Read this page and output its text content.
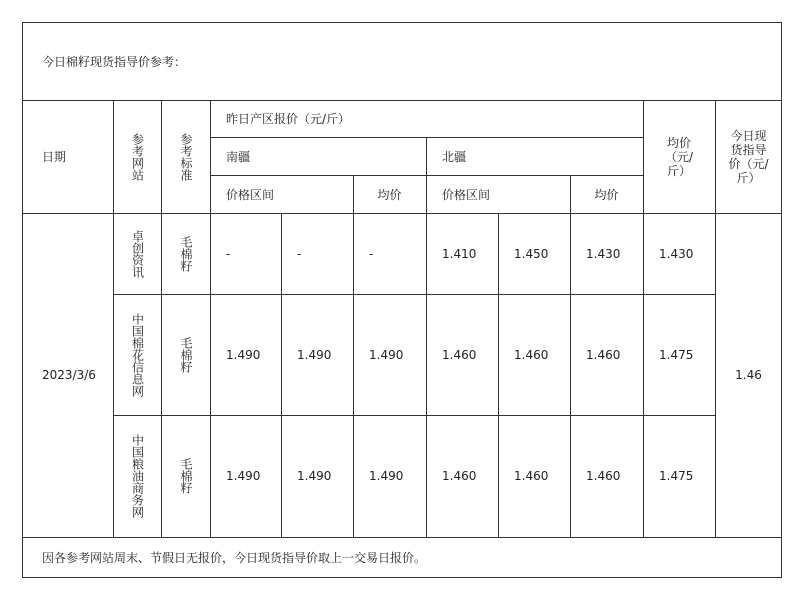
今日棉籽现货指导价参考：
日期	参考网站	参考标准
昨日产区报价（元/斤）
南疆	北疆
价格区间	均价	价格区间	均价
均价（元/斤）
今日现货指导价（元/斤）
2023/3/6
卓创资讯	毛棉籽	-	-	-	1.410	1.450	1.430	1.430
中国棉花信息网	毛棉籽	1.490	1.490	1.490	1.460	1.460	1.460	1.475
中国粮油商务网	毛棉籽	1.490	1.490	1.490	1.460	1.460	1.460	1.475
1.46
因各参考网站周末、节假日无报价，今日现货指导价取上一交易日报价。
